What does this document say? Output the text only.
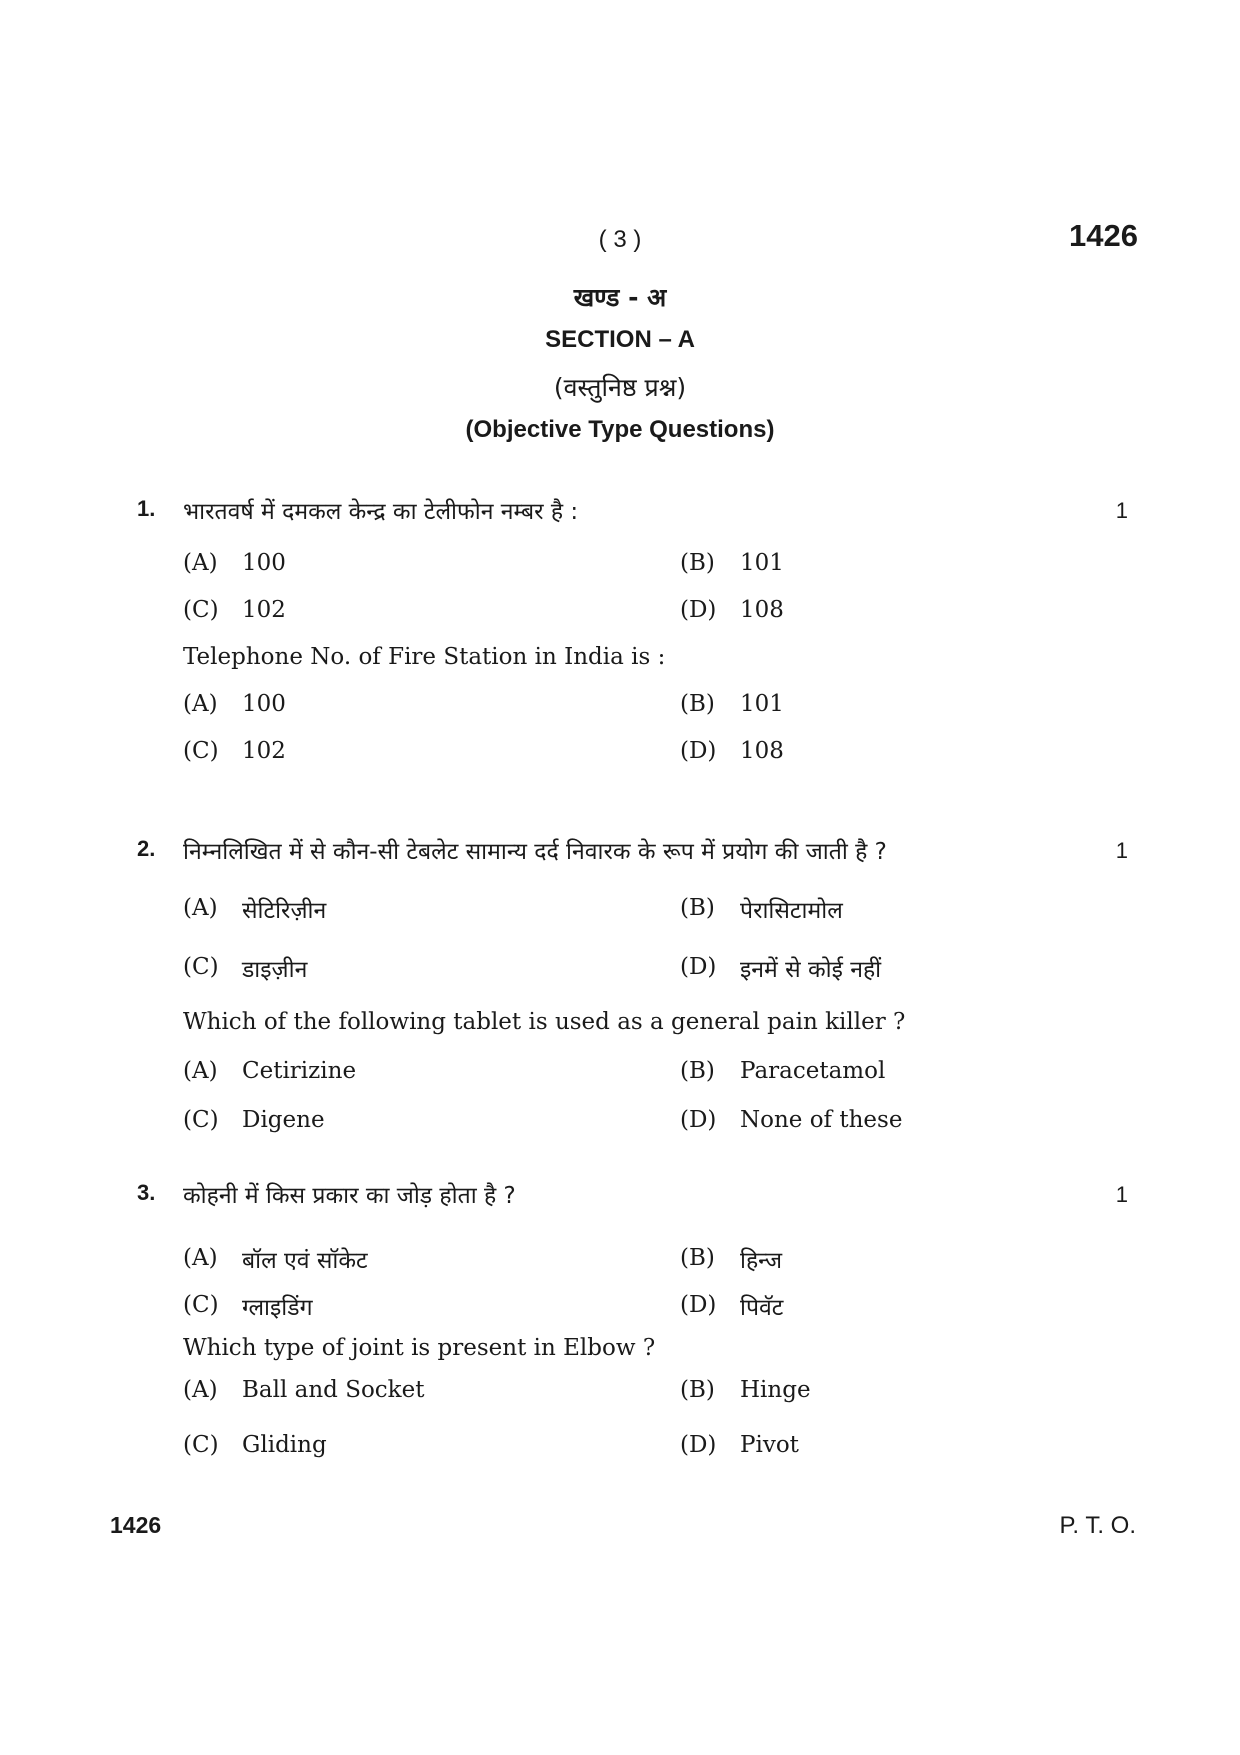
( 3 )	1426
खण्ड - अ
SECTION – A
(वस्तुनिष्ठ प्रश्न)
(Objective Type Questions)
1. भारतवर्ष में दमकल केन्द्र का टेलीफोन नम्बर है :	1
(A) 100	(B) 101
(C) 102	(D) 108
Telephone No. of Fire Station in India is :
(A) 100	(B) 101
(C) 102	(D) 108
2. निम्नलिखित में से कौन-सी टेबलेट सामान्य दर्द निवारक के रूप में प्रयोग की जाती है ?	1
(A) सेटिरिज़ीन	(B) पेरासिटामोल
(C) डाइज़ीन	(D) इनमें से कोई नहीं
Which of the following tablet is used as a general pain killer ?
(A) Cetirizine	(B) Paracetamol
(C) Digene	(D) None of these
3. कोहनी में किस प्रकार का जोड़ होता है ?	1
(A) बॉल एवं सॉकेट	(B) हिन्ज
(C) ग्लाइडिंग	(D) पिवॅट
Which type of joint is present in Elbow ?
(A) Ball and Socket	(B) Hinge
(C) Gliding	(D) Pivot
1426	P. T. O.
